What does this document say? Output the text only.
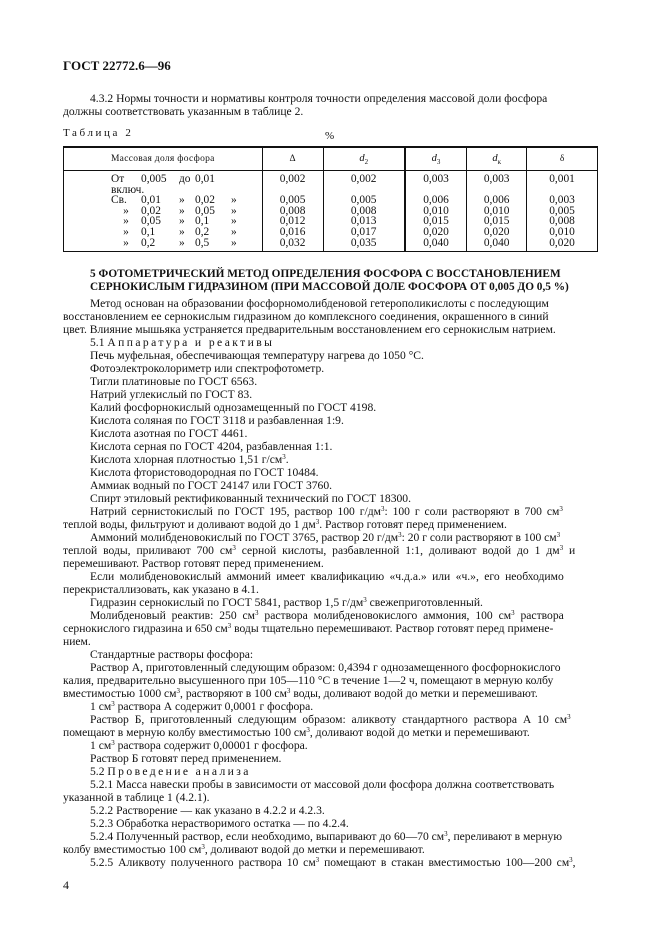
ГОСТ 22772.6—96
4.3.2 Нормы точности и нормативы контроля точности определения массовой доли фосфора
должны соответствовать указанным в таблице 2.
Таблица 2	%
Массовая доля фосфора	Δ	$d_2$	$d_3$	$d_к$	δ
От 0,005 до 0,01включ.	0,002	0,002	0,003	0,003	0,001
Св. 0,01 » 0,02 »	0,005	0,005	0,006	0,006	0,003
» 0,02 » 0,05 »	0,008	0,008	0,010	0,010	0,005
» 0,05 » 0,1 »	0,012	0,013	0,015	0,015	0,008
» 0,1 » 0,2 »	0,016	0,017	0,020	0,020	0,010
» 0,2 » 0,5 »	0,032	0,035	0,040	0,040	0,020
5 ФОТОМЕТРИЧЕСКИЙ МЕТОД ОПРЕДЕЛЕНИЯ ФОСФОРА С ВОССТАНОВЛЕНИЕМ
СЕРНОКИСЛЫМ ГИДРАЗИНОМ (ПРИ МАССОВОЙ ДОЛЕ ФОСФОРА ОТ 0,005 ДО 0,5 %)
Метод основан на образовании фосфорномолибденовой гетерополикислоты с последующим
восстановлением ее сернокислым гидразином до комплексного соединения, окрашенного в синий
цвет. Влияние мышьяка устраняется предварительным восстановлением его сернокислым натрием.
5.1 Аппаратура и реактивы
Печь муфельная, обеспечивающая температуру нагрева до 1050 °С.
Фотоэлектроколориметр или спектрофотометр.
Тигли платиновые по ГОСТ 6563.
Натрий углекислый по ГОСТ 83.
Калий фосфорнокислый однозамещенный по ГОСТ 4198.
Кислота соляная по ГОСТ 3118 и разбавленная 1:9.
Кислота азотная по ГОСТ 4461.
Кислота серная по ГОСТ 4204, разбавленная 1:1.
Кислота хлорная плотностью 1,51 $г/см^3$.
Кислота фтористоводородная по ГОСТ 10484.
Аммиак водный по ГОСТ 24147 или ГОСТ 3760.
Спирт этиловый ректификованный технический по ГОСТ 18300.
Натрий сернистокислый по ГОСТ 195, раствор 100 $г/дм^3$: 100 г соли растворяют в 700 $см^3$
теплой воды, фильтруют и доливают водой до 1 $дм^3$. Раствор готовят перед применением.
Аммоний молибденовокислый по ГОСТ 3765, раствор 20 $г/дм^3$: 20 г соли растворяют в 100 $см^3$
теплой воды, приливают 700 $см^3$ серной кислоты, разбавленной 1:1, доливают водой до 1 $дм^3$ и
перемешивают. Раствор готовят перед применением.
Если молибденовокислый аммоний имеет квалификацию «ч.д.а.» или «ч.», его необходимо
перекристаллизовать, как указано в 4.1.
Гидразин сернокислый по ГОСТ 5841, раствор 1,5 $г/дм^3$ свежеприготовленный.
Молибденовый реактив: 250 $см^3$ раствора молибденовокислого аммония, 100 $см^3$ раствора
сернокислого гидразина и 650 $см^3$ воды тщательно перемешивают. Раствор готовят перед примене-
нием.
Стандартные растворы фосфора:
Раствор А, приготовленный следующим образом: 0,4394 г однозамещенного фосфорнокислого
калия, предварительно высушенного при 105—110 °С в течение 1—2 ч, помещают в мерную колбу
вместимостью 1000 $см^3$, растворяют в 100 $см^3$ воды, доливают водой до метки и перемешивают.
1 $см^3$ раствора А содержит 0,0001 г фосфора.
Раствор Б, приготовленный следующим образом: аликвоту стандартного раствора А 10 $см^3$
помещают в мерную колбу вместимостью 100 $см^3$, доливают водой до метки и перемешивают.
1 $см^3$ раствора содержит 0,00001 г фосфора.
Раствор Б готовят перед применением.
5.2 Проведение анализа
5.2.1 Масса навески пробы в зависимости от массовой доли фосфора должна соответствовать
указанной в таблице 1 (4.2.1).
5.2.2 Растворение — как указано в 4.2.2 и 4.2.3.
5.2.3 Обработка нерастворимого остатка — по 4.2.4.
5.2.4 Полученный раствор, если необходимо, выпаривают до 60—70 $см^3$, переливают в мерную
колбу вместимостью 100 $см^3$, доливают водой до метки и перемешивают.
5.2.5 Аликвоту полученного раствора 10 $см^3$ помещают в стакан вместимостью 100—200 $см^3$,
4
